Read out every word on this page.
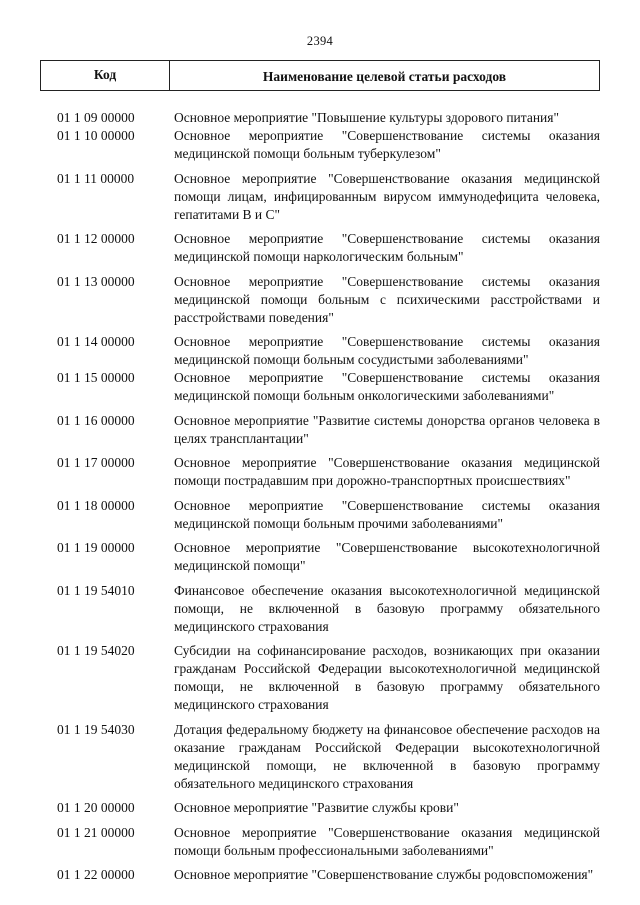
2394
Код	Наименование целевой статьи расходов
01 1 09 00000	Основное мероприятие "Повышение культуры здорового питания"
01 1 10 00000	Основное мероприятие "Совершенствование системы оказания медицинской помощи больным туберкулезом"
01 1 11 00000	Основное мероприятие "Совершенствование оказания медицинской помощи лицам, инфицированным вирусом иммунодефицита человека, гепатитами B и C"
01 1 12 00000	Основное мероприятие "Совершенствование системы оказания медицинской помощи наркологическим больным"
01 1 13 00000	Основное мероприятие "Совершенствование системы оказания медицинской помощи больным с психическими расстройствами и расстройствами поведения"
01 1 14 00000	Основное мероприятие "Совершенствование системы оказания медицинской помощи больным сосудистыми заболеваниями"
01 1 15 00000	Основное мероприятие "Совершенствование системы оказания медицинской помощи больным онкологическими заболеваниями"
01 1 16 00000	Основное мероприятие "Развитие системы донорства органов человека в целях трансплантации"
01 1 17 00000	Основное мероприятие "Совершенствование оказания медицинской помощи пострадавшим при дорожно-транспортных происшествиях"
01 1 18 00000	Основное мероприятие "Совершенствование системы оказания медицинской помощи больным прочими заболеваниями"
01 1 19 00000	Основное мероприятие "Совершенствование высокотехнологичной медицинской помощи"
01 1 19 54010	Финансовое обеспечение оказания высокотехнологичной медицинской помощи, не включенной в базовую программу обязательного медицинского страхования
01 1 19 54020	Субсидии на софинансирование расходов, возникающих при оказании гражданам Российской Федерации высокотехнологичной медицинской помощи, не включенной в базовую программу обязательного медицинского страхования
01 1 19 54030	Дотация федеральному бюджету на финансовое обеспечение расходов на оказание гражданам Российской Федерации высокотехнологичной медицинской помощи, не включенной в базовую программу обязательного медицинского страхования
01 1 20 00000	Основное мероприятие "Развитие службы крови"
01 1 21 00000	Основное мероприятие "Совершенствование оказания медицинской помощи больным профессиональными заболеваниями"
01 1 22 00000	Основное мероприятие "Совершенствование службы родовспоможения"
